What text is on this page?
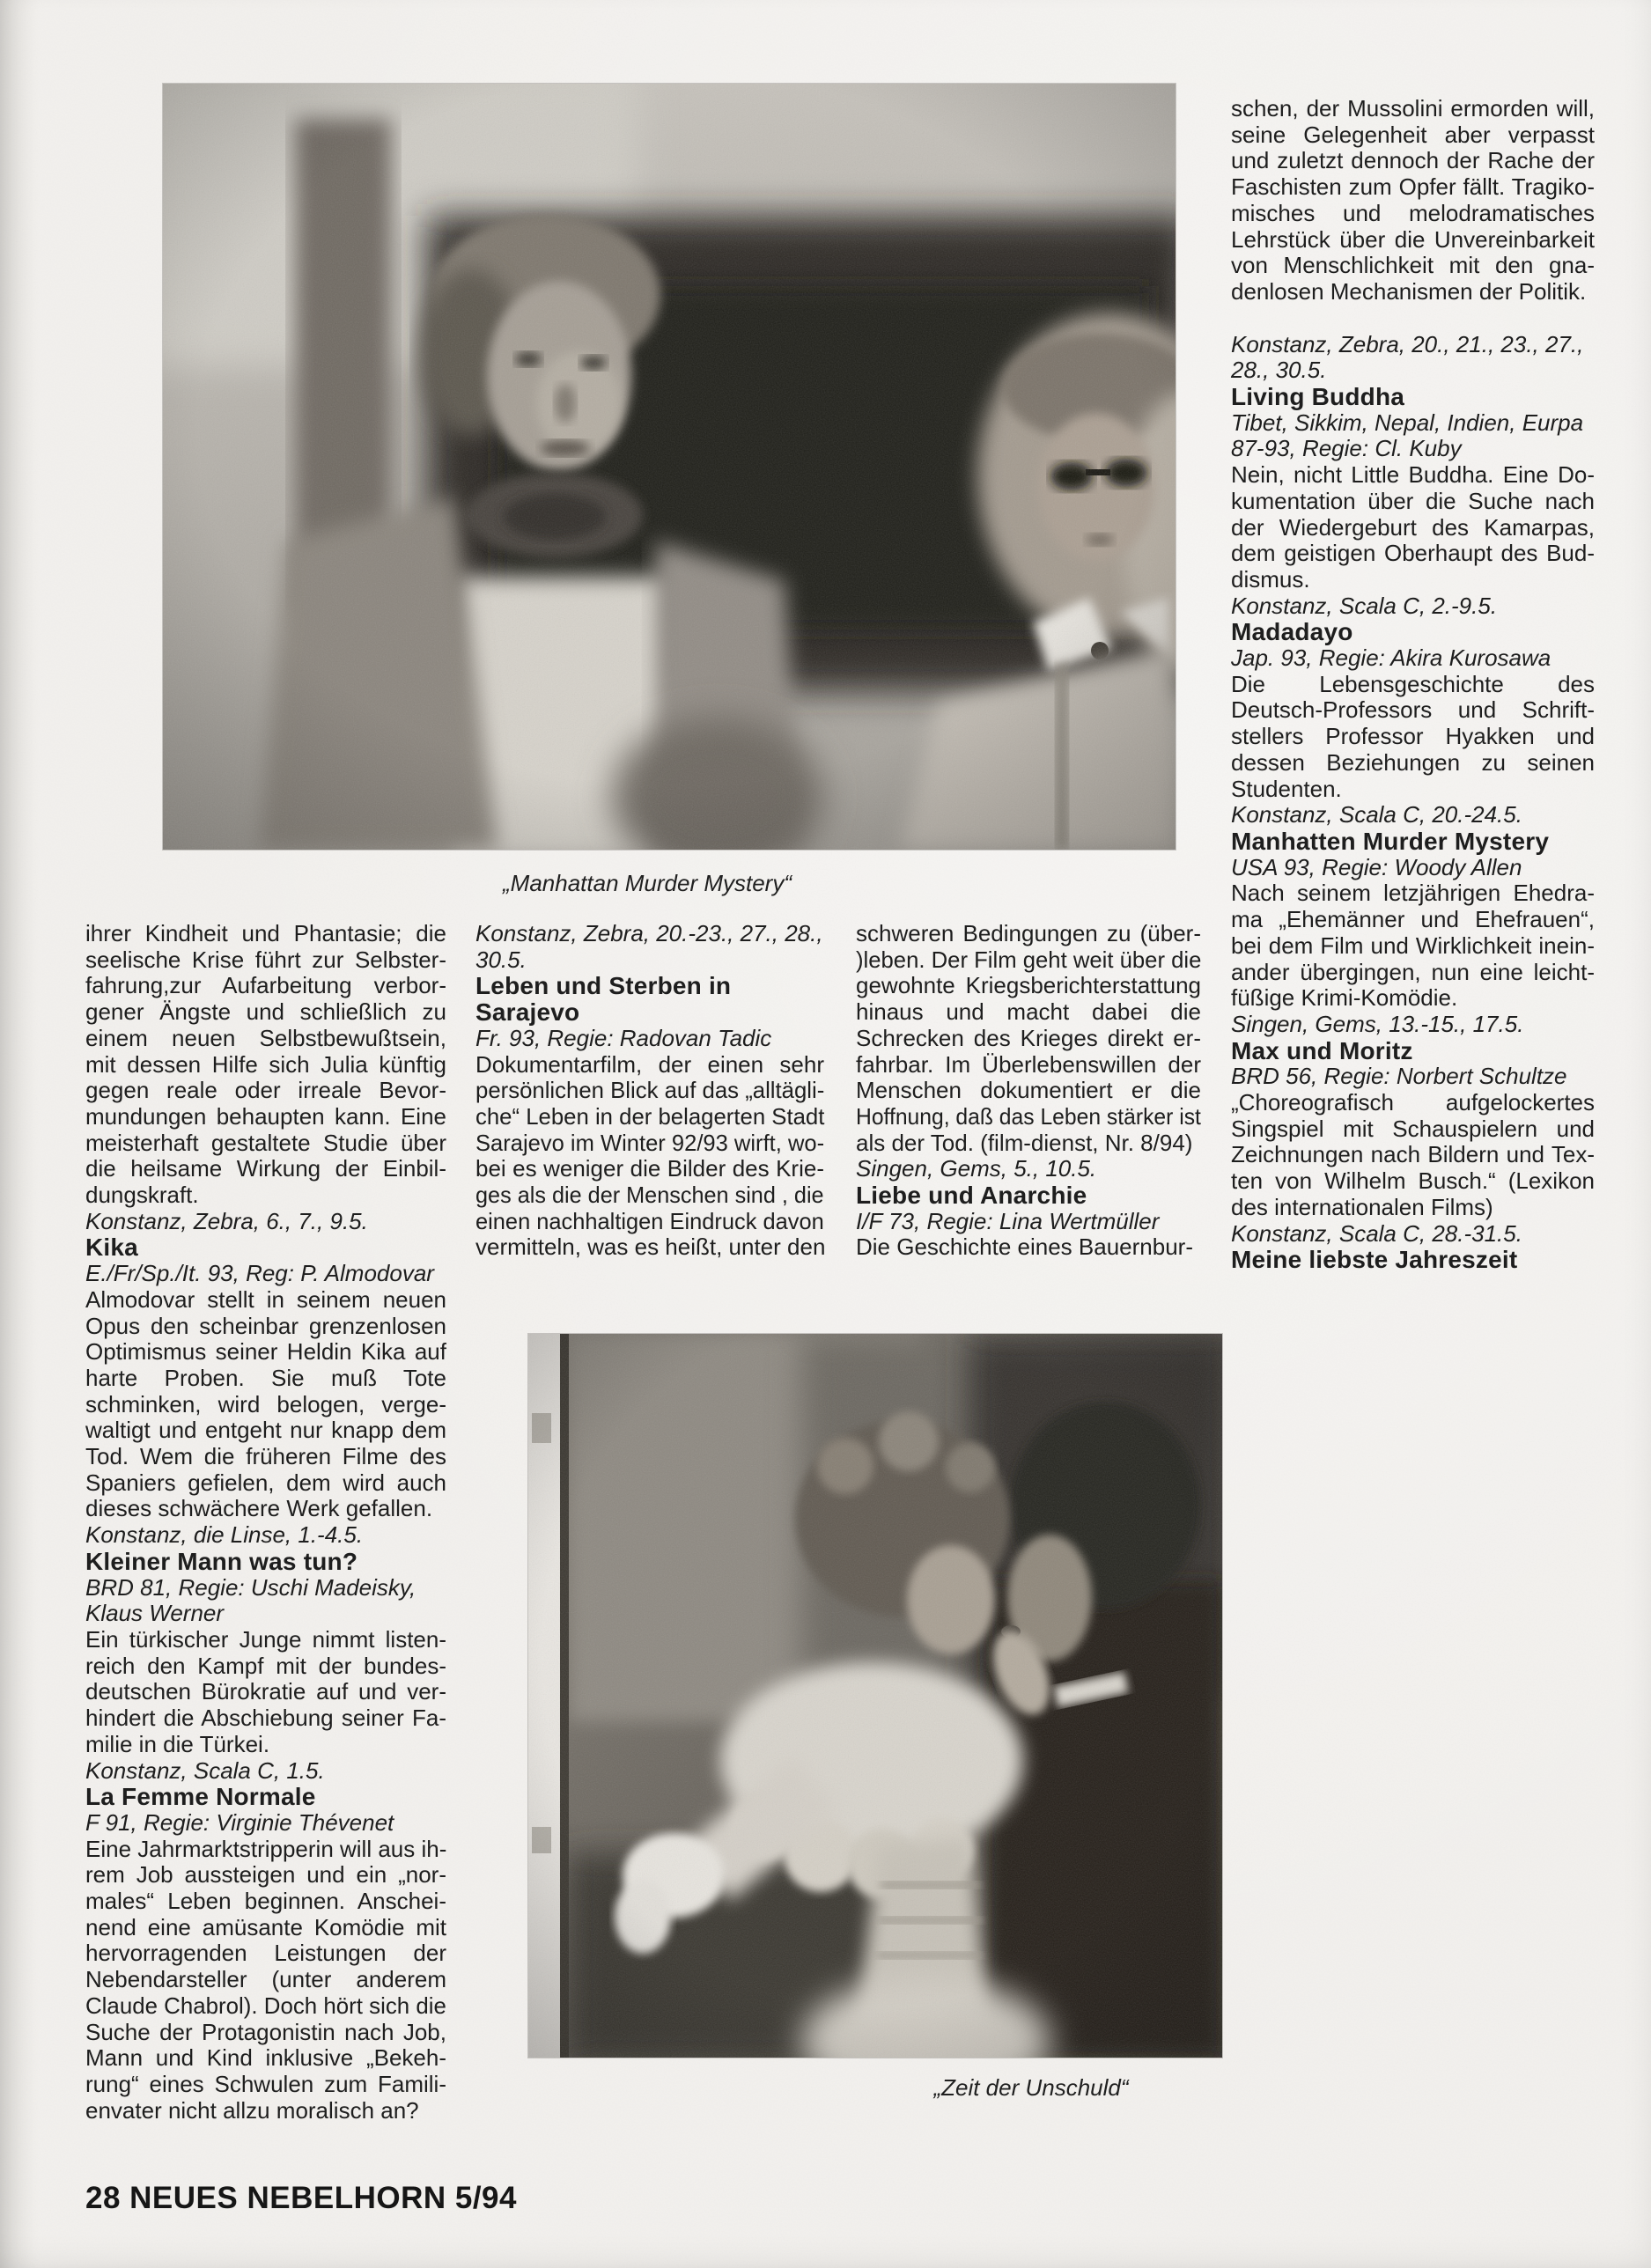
„Manhattan Murder Mystery“
ihrer Kindheit und Phantasie; die
seelische Krise führt zur Selbster-
fahrung,zur Aufarbeitung verbor-
gener Ängste und schließlich zu
einem neuen Selbstbewußtsein,
mit dessen Hilfe sich Julia künftig
gegen reale oder irreale Bevor-
mundungen behaupten kann. Eine
meisterhaft gestaltete Studie über
die heilsame Wirkung der Einbil-
dungskraft.
Konstanz, Zebra, 6., 7., 9.5.
Kika
E./Fr/Sp./It. 93, Reg: P. Almodovar
Almodovar stellt in seinem neuen
Opus den scheinbar grenzenlosen
Optimismus seiner Heldin Kika auf
harte Proben. Sie muß Tote
schminken, wird belogen, verge-
waltigt und entgeht nur knapp dem
Tod. Wem die früheren Filme des
Spaniers gefielen, dem wird auch
dieses schwächere Werk gefallen.
Konstanz, die Linse, 1.-4.5.
Kleiner Mann was tun?
BRD 81, Regie: Uschi Madeisky,
Klaus Werner
Ein türkischer Junge nimmt listen-
reich den Kampf mit der bundes-
deutschen Bürokratie auf und ver-
hindert die Abschiebung seiner Fa-
milie in die Türkei.
Konstanz, Scala C, 1.5.
La Femme Normale
F 91, Regie: Virginie Thévenet
Eine Jahrmarktstripperin will aus ih-
rem Job aussteigen und ein „nor-
males“ Leben beginnen. Anschei-
nend eine amüsante Komödie mit
hervorragenden Leistungen der
Nebendarsteller (unter anderem
Claude Chabrol). Doch hört sich die
Suche der Protagonistin nach Job,
Mann und Kind inklusive „Bekeh-
rung“ eines Schwulen zum Famili-
envater nicht allzu moralisch an?
Konstanz, Zebra, 20.-23., 27., 28.,
30.5.
Leben und Sterben in
Sarajevo
Fr. 93, Regie: Radovan Tadic
Dokumentarfilm, der einen sehr
persönlichen Blick auf das „alltägli-
che“ Leben in der belagerten Stadt
Sarajevo im Winter 92/93 wirft, wo-
bei es weniger die Bilder des Krie-
ges als die der Menschen sind , die
einen nachhaltigen Eindruck davon
vermitteln, was es heißt, unter den
schweren Bedingungen zu (über-
)leben. Der Film geht weit über die
gewohnte Kriegsberichterstattung
hinaus und macht dabei die
Schrecken des Krieges direkt er-
fahrbar. Im Überlebenswillen der
Menschen dokumentiert er die
Hoffnung, daß das Leben stärker ist
als der Tod. (film-dienst, Nr. 8/94)
Singen, Gems, 5., 10.5.
Liebe und Anarchie
I/F 73, Regie: Lina Wertmüller
Die Geschichte eines Bauernbur-
schen, der Mussolini ermorden will,
seine Gelegenheit aber verpasst
und zuletzt dennoch der Rache der
Faschisten zum Opfer fällt. Tragiko-
misches und melodramatisches
Lehrstück über die Unvereinbarkeit
von Menschlichkeit mit den gna-
denlosen Mechanismen der Politik.
Konstanz, Zebra, 20., 21., 23., 27.,
28., 30.5.
Living Buddha
Tibet, Sikkim, Nepal, Indien, Eurpa
87-93, Regie: Cl. Kuby
Nein, nicht Little Buddha. Eine Do-
kumentation über die Suche nach
der Wiedergeburt des Kamarpas,
dem geistigen Oberhaupt des Bud-
dismus.
Konstanz, Scala C, 2.-9.5.
Madadayo
Jap. 93, Regie: Akira Kurosawa
Die Lebensgeschichte des
Deutsch-Professors und Schrift-
stellers Professor Hyakken und
dessen Beziehungen zu seinen
Studenten.
Konstanz, Scala C, 20.-24.5.
Manhatten Murder Mystery
USA 93, Regie: Woody Allen
Nach seinem letzjährigen Ehedra-
ma „Ehemänner und Ehefrauen“,
bei dem Film und Wirklichkeit inein-
ander übergingen, nun eine leicht-
füßige Krimi-Komödie.
Singen, Gems, 13.-15., 17.5.
Max und Moritz
BRD 56, Regie: Norbert Schultze
„Choreografisch aufgelockertes
Singspiel mit Schauspielern und
Zeichnungen nach Bildern und Tex-
ten von Wilhelm Busch.“ (Lexikon
des internationalen Films)
Konstanz, Scala C, 28.-31.5.
Meine liebste Jahreszeit
„Zeit der Unschuld“
28 NEUES NEBELHORN 5/94
